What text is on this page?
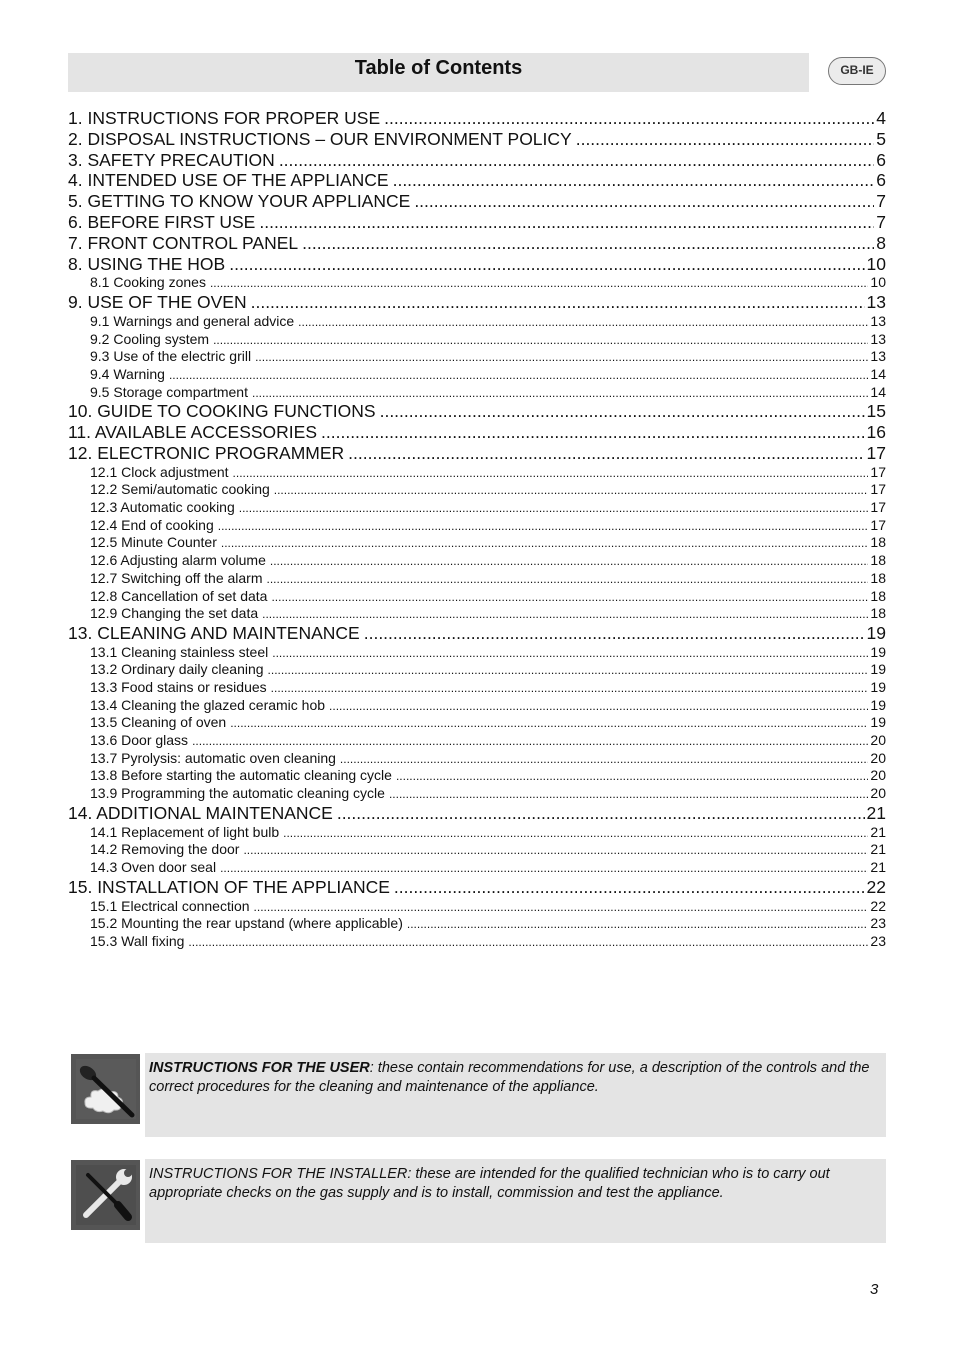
Table of Contents	GB-IE
1. INSTRUCTIONS FOR PROPER USE .....	4
2. DISPOSAL INSTRUCTIONS – OUR ENVIRONMENT POLICY .....	5
3. SAFETY PRECAUTION .....	6
4. INTENDED USE OF THE APPLIANCE .....	6
5. GETTING TO KNOW YOUR APPLIANCE .....	7
6. BEFORE FIRST USE .....	7
7. FRONT CONTROL PANEL .....	8
8. USING THE HOB .....	10
8.1 Cooking zones .....	10
9. USE OF THE OVEN .....	13
9.1 Warnings and general advice .....	13
9.2 Cooling system .....	13
9.3 Use of the electric grill .....	13
9.4 Warning .....	14
9.5 Storage compartment .....	14
10. GUIDE TO COOKING FUNCTIONS .....	15
11. AVAILABLE ACCESSORIES .....	16
12. ELECTRONIC PROGRAMMER .....	17
12.1 Clock adjustment .....	17
12.2 Semi/automatic cooking .....	17
12.3 Automatic cooking .....	17
12.4 End of cooking .....	17
12.5 Minute Counter .....	18
12.6 Adjusting alarm volume .....	18
12.7 Switching off the alarm .....	18
12.8 Cancellation of set data .....	18
12.9 Changing the set data .....	18
13. CLEANING AND MAINTENANCE .....	19
13.1 Cleaning stainless steel .....	19
13.2 Ordinary daily cleaning .....	19
13.3 Food stains or residues .....	19
13.4 Cleaning the glazed ceramic hob .....	19
13.5 Cleaning of oven .....	19
13.6 Door glass .....	20
13.7 Pyrolysis: automatic oven cleaning .....	20
13.8 Before starting the automatic cleaning cycle .....	20
13.9 Programming the automatic cleaning cycle .....	20
14. ADDITIONAL MAINTENANCE .....	21
14.1 Replacement of light bulb .....	21
14.2 Removing the door .....	21
14.3 Oven door seal .....	21
15. INSTALLATION OF THE APPLIANCE .....	22
15.1 Electrical connection .....	22
15.2 Mounting the rear upstand (where applicable) .....	23
15.3 Wall fixing .....	23
INSTRUCTIONS FOR THE USER: these contain recommendations for use, a description of the controls and the correct procedures for the cleaning and maintenance of the appliance.
INSTRUCTIONS FOR THE INSTALLER: these are intended for the qualified technician who is to carry out appropriate checks on the gas supply and is to install, commission and test the appliance.
3
